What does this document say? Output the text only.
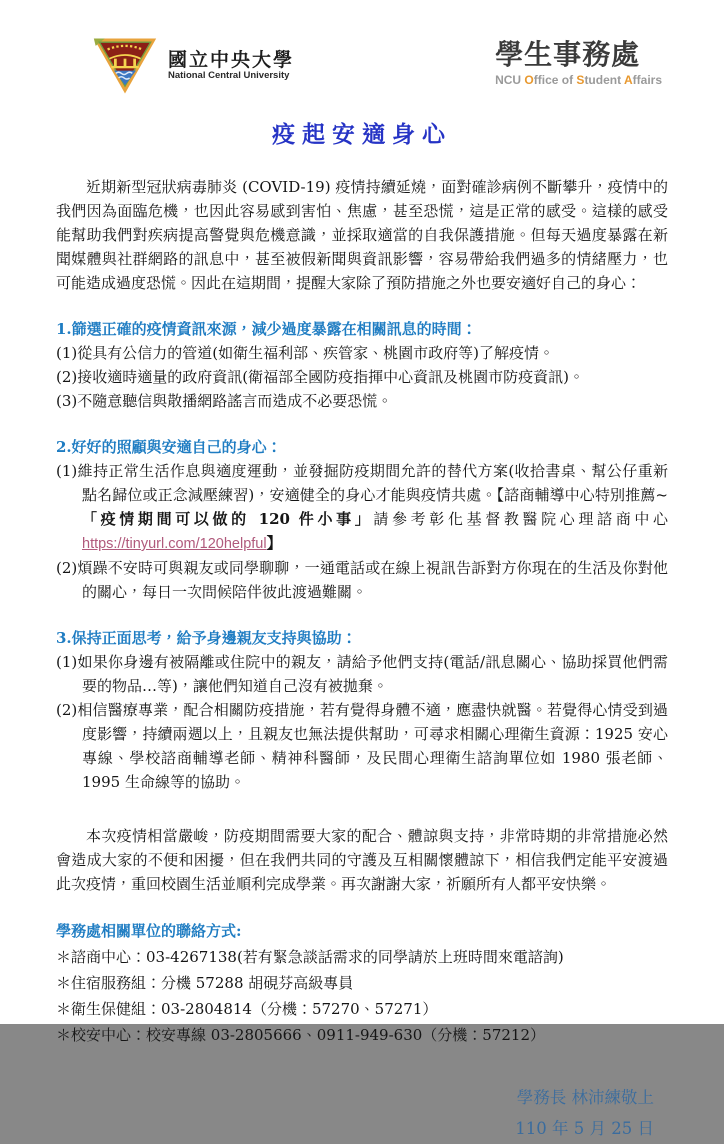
國立中央大學
National Central University
學生事務處
NCU Office of Student Affairs
疫起安適身心

近期新型冠狀病毒肺炎 (COVID-19) 疫情持續延燒，面對確診病例不斷攀升，疫情中的我們因為面臨危機，也因此容易感到害怕、焦慮，甚至恐慌，這是正常的感受。這樣的感受能幫助我們對疾病提高警覺與危機意識，並採取適當的自我保護措施。但每天過度暴露在新聞媒體與社群網路的訊息中，甚至被假新聞與資訊影響，容易帶給我們過多的情緒壓力，也可能造成過度恐慌。因此在這期間，提醒大家除了預防措施之外也要安適好自己的身心：

1.篩選正確的疫情資訊來源，減少過度暴露在相關訊息的時間：
(1)從具有公信力的管道(如衛生福利部、疾管家、桃園市政府等)了解疫情。
(2)接收適時適量的政府資訊(衛福部全國防疫指揮中心資訊及桃園市防疫資訊)。
(3)不隨意聽信與散播網路謠言而造成不必要恐慌。
2.好好的照顧與安適自己的身心：
(1)維持正常生活作息與適度運動，並發掘防疫期間允許的替代方案(收拾書桌、幫公仔重新點名歸位或正念減壓練習)，安適健全的身心才能與疫情共處。【諮商輔導中心特別推薦~「疫情期間可以做的 120 件小事」請參考彰化基督教醫院心理諮商中心 https://tinyurl.com/120helpful】
(2)煩躁不安時可與親友或同學聊聊，一通電話或在線上視訊告訴對方你現在的生活及你對他的關心，每日一次問候陪伴彼此渡過難關。
3.保持正面思考，給予身邊親友支持與協助：
(1)如果你身邊有被隔離或住院中的親友，請給予他們支持(電話/訊息關心、協助採買他們需要的物品…等)，讓他們知道自己沒有被拋棄。
(2)相信醫療專業，配合相關防疫措施，若有覺得身體不適，應盡快就醫。若覺得心情受到過度影響，持續兩週以上，且親友也無法提供幫助，可尋求相關心理衛生資源：1925 安心專線、學校諮商輔導老師、精神科醫師，及民間心理衛生諮詢單位如 1980 張老師、1995 生命線等的協助。

本次疫情相當嚴峻，防疫期間需要大家的配合、體諒與支持，非常時期的非常措施必然會造成大家的不便和困擾，但在我們共同的守護及互相關懷體諒下，相信我們定能平安渡過此次疫情，重回校園生活並順利完成學業。再次謝謝大家，祈願所有人都平安快樂。

學務處相關單位的聯絡方式:
＊諮商中心：03-4267138(若有緊急談話需求的同學請於上班時間來電諮詢)
＊住宿服務組：分機 57288 胡硯芬高級專員
＊衛生保健組：03-2804814（分機：57270、57271）
＊校安中心：校安專線 03-2805666、0911-949-630（分機：57212）
學務長 林沛練敬上
110 年 5 月 25 日
